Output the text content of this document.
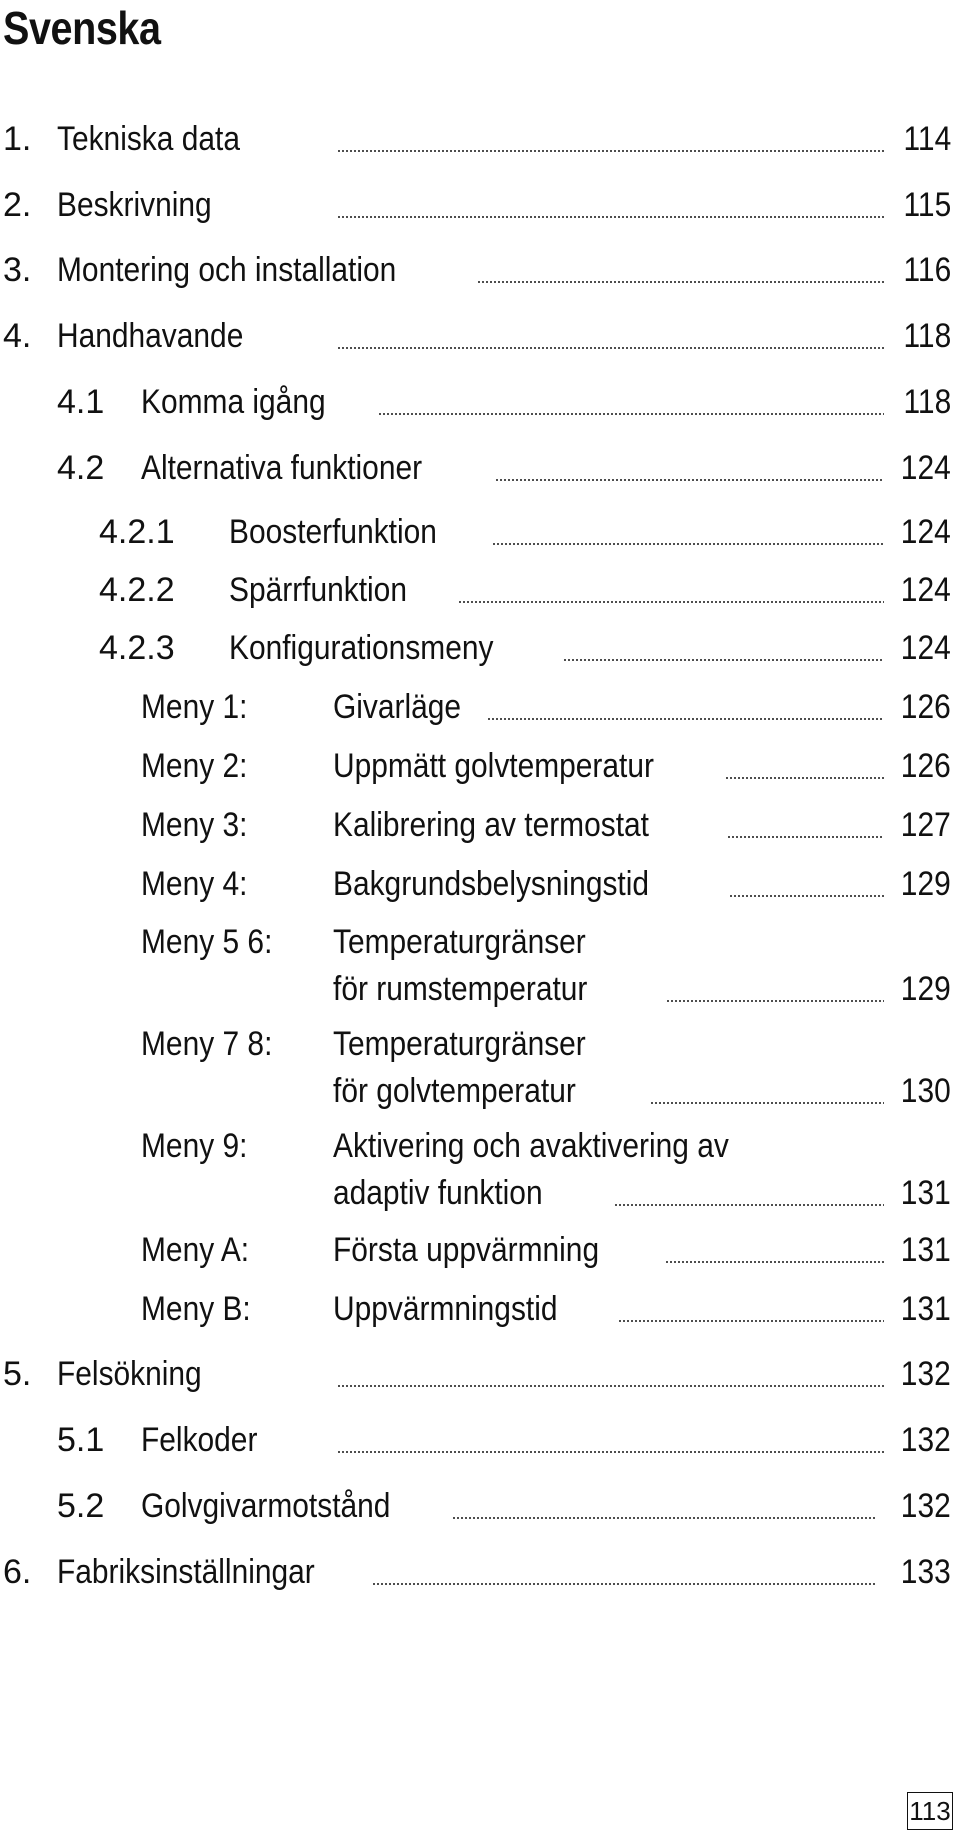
Svenska
1. Tekniska data	114
2. Beskrivning	115
3. Montering och installation	116
4. Handhavande	118
4.1 Komma igång	118
4.2 Alternativa funktioner	124
4.2.1 Boosterfunktion	124
4.2.2 Spärrfunktion	124
4.2.3 Konfigurationsmeny	124
Meny 1:	Givarläge	126
Meny 2:	Uppmätt golvtemperatur	126
Meny 3:	Kalibrering av termostat	127
Meny 4:	Bakgrundsbelysningstid	129
Meny 5 6: Temperaturgränser
för rumstemperatur	129
Meny 7 8: Temperaturgränser
för golvtemperatur	130
Meny 9:	Aktivering och avaktivering av
adaptiv funktion	131
Meny A: Första uppvärmning	131
Meny B: Uppvärmningstid	131
5. Felsökning	132
5.1 Felkoder	132
5.2 Golvgivarmotstånd	132
6. Fabriksinställningar	133
113
